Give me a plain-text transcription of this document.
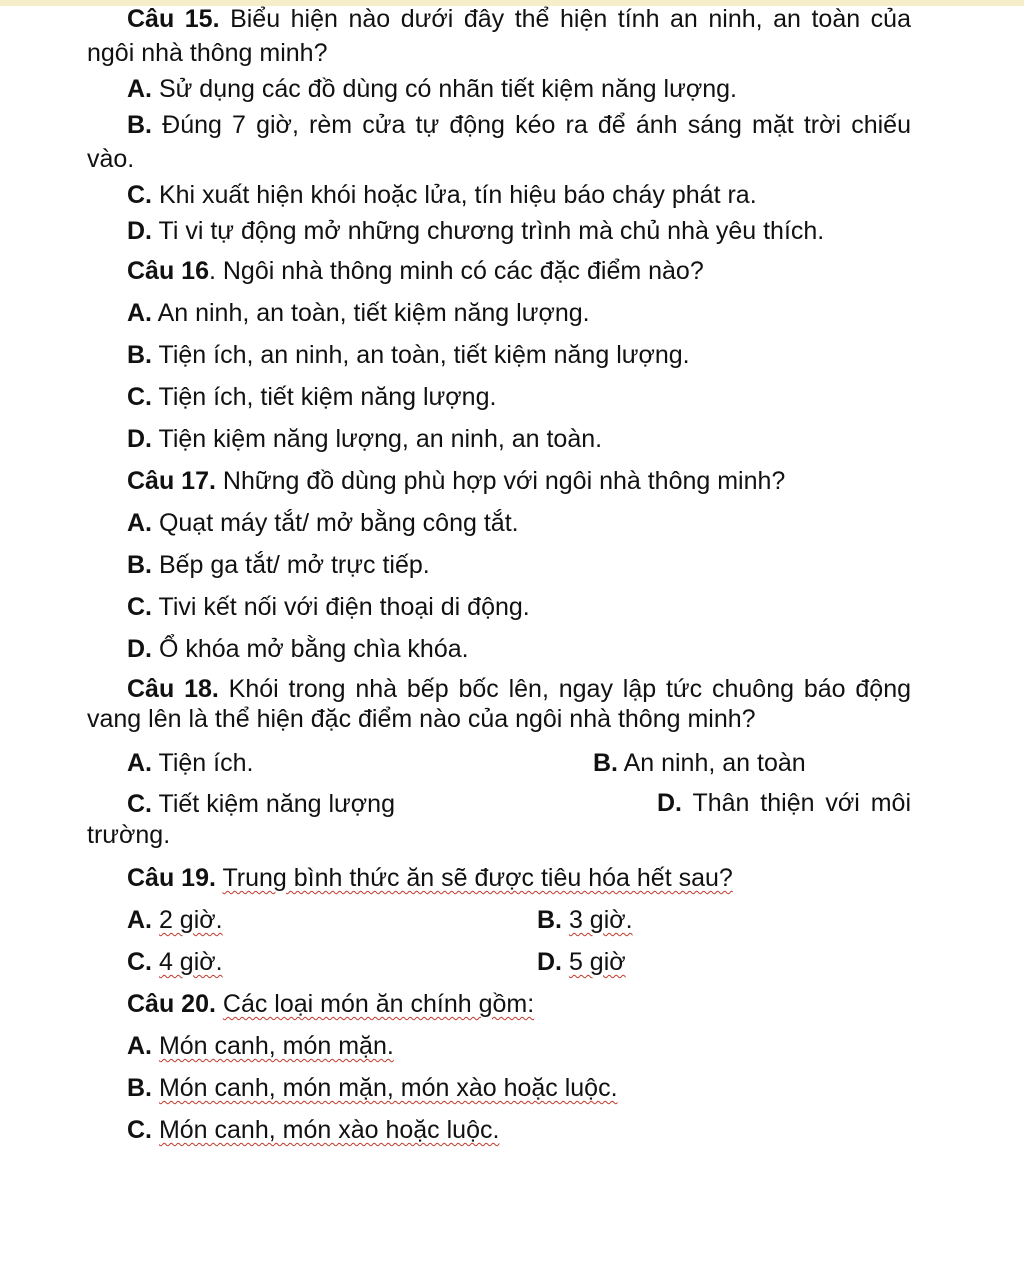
Câu 15. Biểu hiện nào dưới đây thể hiện tính an ninh, an toàn của ngôi nhà thông minh?

A. Sử dụng các đồ dùng có nhãn tiết kiệm năng lượng.

B. Đúng 7 giờ, rèm cửa tự động kéo ra để ánh sáng mặt trời chiếu vào.

C. Khi xuất hiện khói hoặc lửa, tín hiệu báo cháy phát ra.

D. Ti vi tự động mở những chương trình mà chủ nhà yêu thích.

Câu 16. Ngôi nhà thông minh có các đặc điểm nào?

A. An ninh, an toàn, tiết kiệm năng lượng.

B. Tiện ích, an ninh, an toàn, tiết kiệm năng lượng.

C. Tiện ích, tiết kiệm năng lượng.

D. Tiện kiệm năng lượng, an ninh, an toàn.

Câu 17. Những đồ dùng phù hợp với ngôi nhà thông minh?

A. Quạt máy tắt/ mở bằng công tắt.

B. Bếp ga tắt/ mở trực tiếp.

C. Tivi kết nối với điện thoại di động.

D. Ổ khóa mở bằng chìa khóa.

Câu 18. Khói trong nhà bếp bốc lên, ngay lập tức chuông báo động vang lên là thể hiện đặc điểm nào của ngôi nhà thông minh?

A. Tiện ích.	B. An ninh, an toàn
C. Tiết kiệm năng lượng	D. Thân thiện với môi trường.

Câu 19. Trung bình thức ăn sẽ được tiêu hóa hết sau?

A. 2 giờ.	B. 3 giờ.
C. 4 giờ.	D. 5 giờ

Câu 20. Các loại món ăn chính gồm:

A. Món canh, món mặn.

B. Món canh, món mặn, món xào hoặc luộc.

C. Món canh, món xào hoặc luộc.
